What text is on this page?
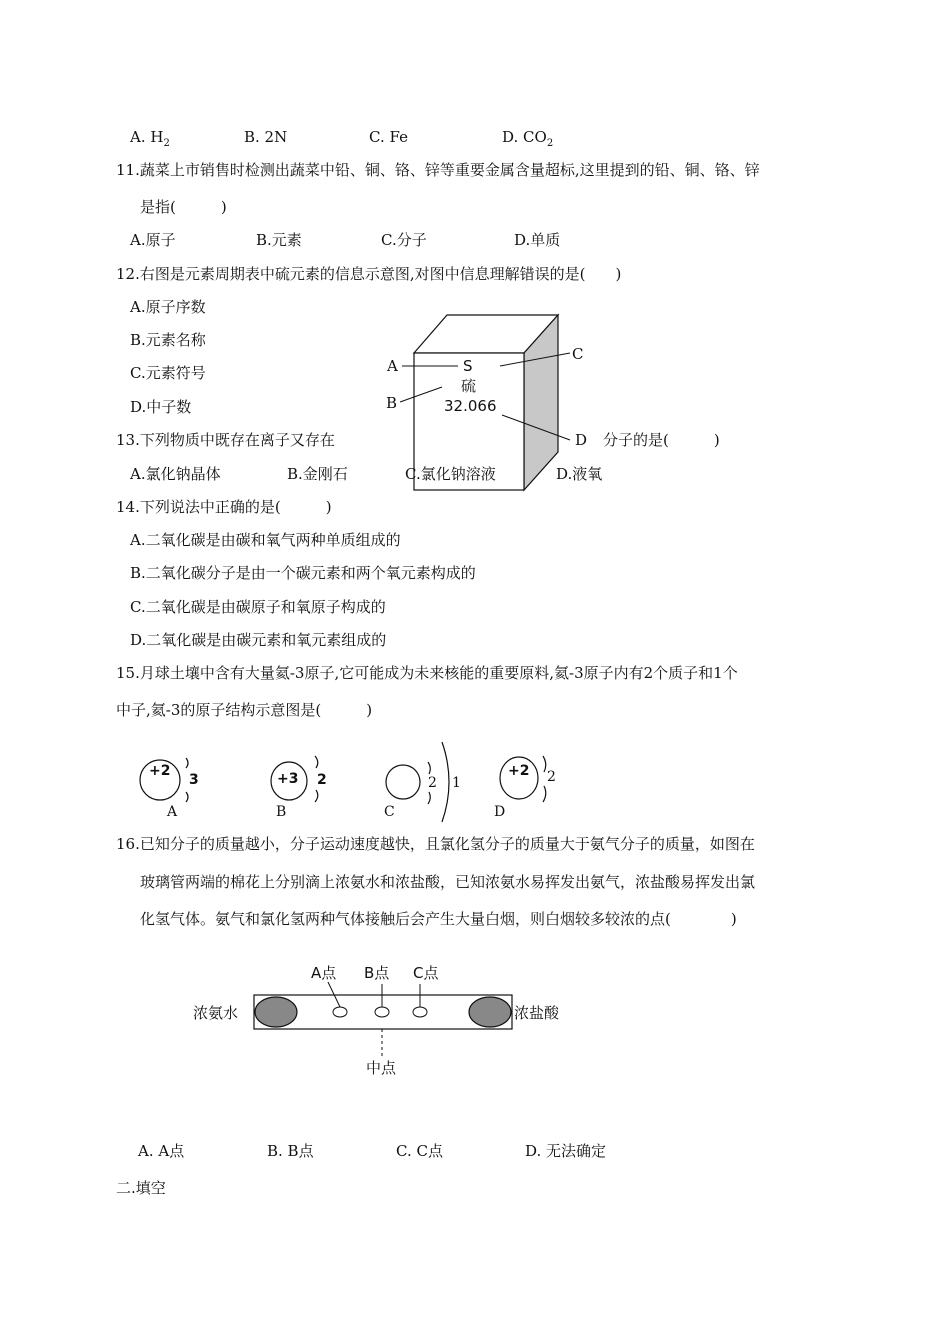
A. $H_2$	B. 2N	C. Fe	D. $CO_2$
11.蔬菜上市销售时检测出蔬菜中铅、铜、铬、锌等重要金属含量超标,这里提到的铅、铜、铬、锌
是指(　　　)
A.原子	B.元素	C.分子	D.单质
12.右图是元素周期表中硫元素的信息示意图,对图中信息理解错误的是(　　)
A.原子序数
B.元素名称
C.元素符号
D.中子数
A
B
C
D
S
硫
32.066
13.下列物质中既存在离子又存在	分子的是(　　　)
A.氯化钠晶体	B.金刚石	C.氯化钠溶液	D.液氧
14.下列说法中正确的是(　　　)
A.二氧化碳是由碳和氧气两种单质组成的
B.二氧化碳分子是由一个碳元素和两个氧元素构成的
C.二氧化碳是由碳原子和氧原子构成的
D.二氧化碳是由碳元素和氧元素组成的
15.月球土壤中含有大量氦-3原子,它可能成为未来核能的重要原料,氦-3原子内有2个质子和1个
中子,氦-3的原子结构示意图是(　　　)
+2
3
A
+3 2
B
2 1
C
+2 2
D
16.已知分子的质量越小，分子运动速度越快，且氯化氢分子的质量大于氨气分子的质量，如图在
玻璃管两端的棉花上分别滴上浓氨水和浓盐酸，已知浓氨水易挥发出氨气，浓盐酸易挥发出氯
化氢气体。氨气和氯化氢两种气体接触后会产生大量白烟，则白烟较多较浓的点(　　　　)
A点 B点 C点
浓氨水	浓盐酸
中点
A. A点	B. B点	C. C点	D. 无法确定
二.填空
